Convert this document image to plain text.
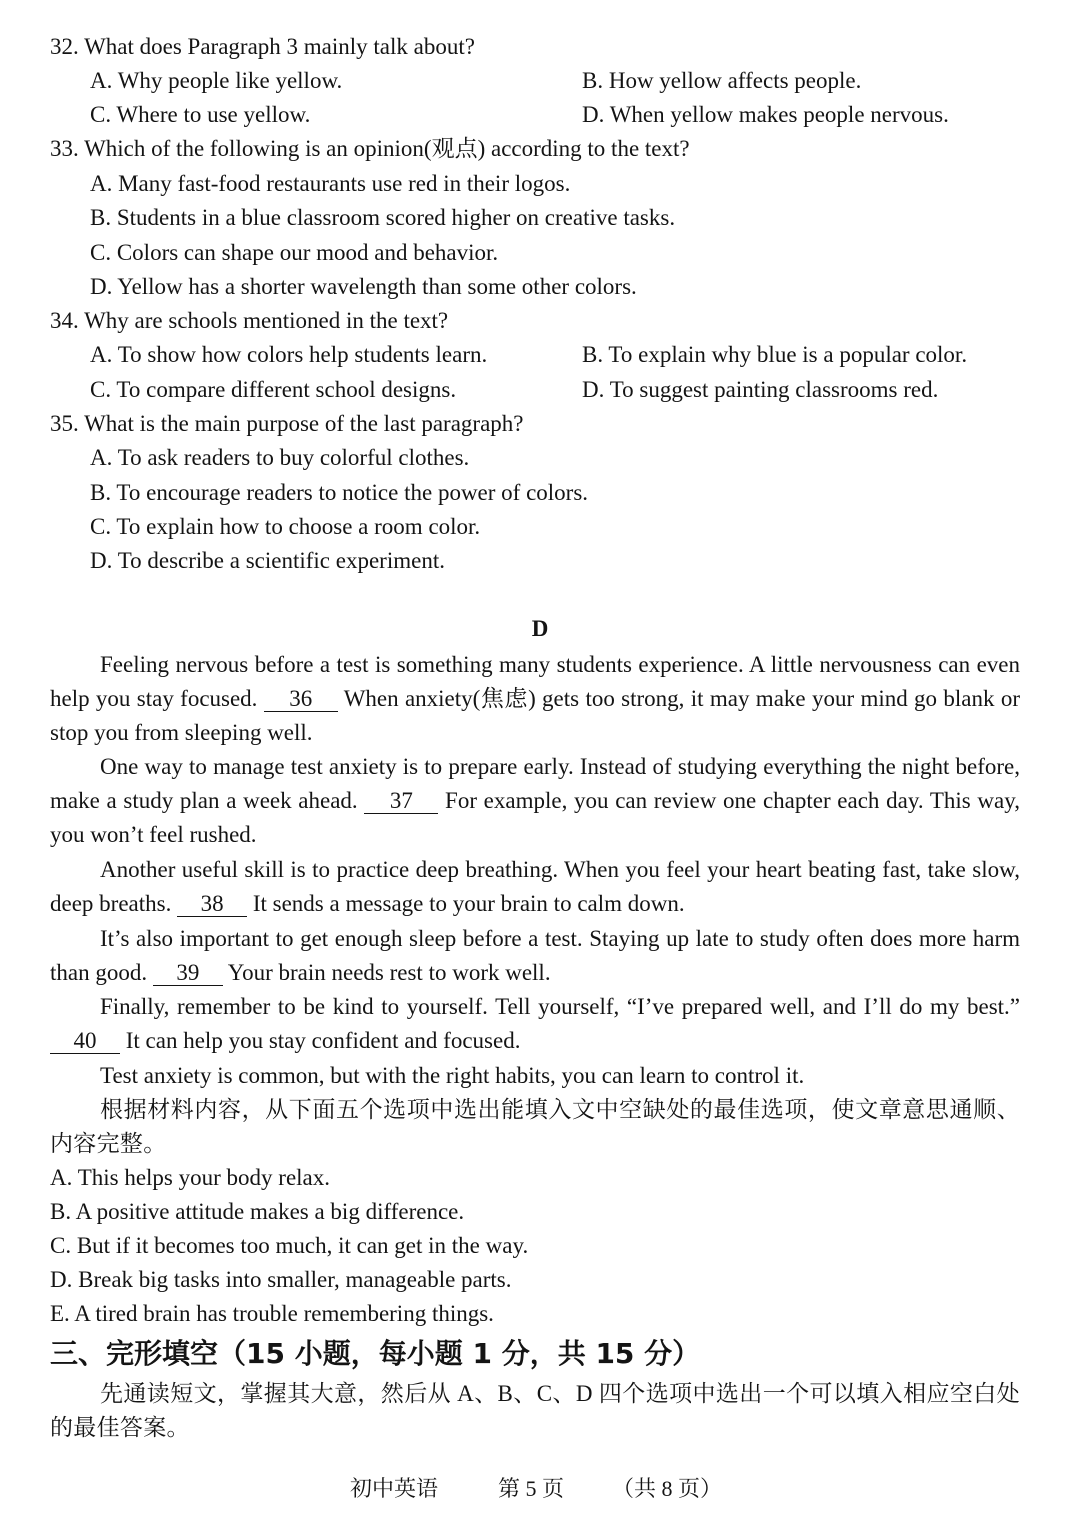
32. What does Paragraph 3 mainly talk about?
A. Why people like yellow.	B. How yellow affects people.
C. Where to use yellow.	D. When yellow makes people nervous.
33. Which of the following is an opinion(观点) according to the text?
A. Many fast-food restaurants use red in their logos.
B. Students in a blue classroom scored higher on creative tasks.
C. Colors can shape our mood and behavior.
D. Yellow has a shorter wavelength than some other colors.
34. Why are schools mentioned in the text?
A. To show how colors help students learn.	B. To explain why blue is a popular color.
C. To compare different school designs.	D. To suggest painting classrooms red.
35. What is the main purpose of the last paragraph?
A. To ask readers to buy colorful clothes.
B. To encourage readers to notice the power of colors.
C. To explain how to choose a room color.
D. To describe a scientific experiment.
D
Feeling nervous before a test is something many students experience. A little nervousness can even help you stay focused. 36 When anxiety(焦虑) gets too strong, it may make your mind go blank or stop you from sleeping well.
One way to manage test anxiety is to prepare early. Instead of studying everything the night before, make a study plan a week ahead. 37 For example, you can review one chapter each day. This way, you won’t feel rushed.
Another useful skill is to practice deep breathing. When you feel your heart beating fast, take slow, deep breaths. 38 It sends a message to your brain to calm down.
It’s also important to get enough sleep before a test. Staying up late to study often does more harm than good. 39 Your brain needs rest to work well.
Finally, remember to be kind to yourself. Tell yourself, “I’ve prepared well, and I’ll do my best.” 40 It can help you stay confident and focused.
Test anxiety is common, but with the right habits, you can learn to control it.
根据材料内容，从下面五个选项中选出能填入文中空缺处的最佳选项，使文章意思通顺、内容完整。
A. This helps your body relax.
B. A positive attitude makes a big difference.
C. But if it becomes too much, it can get in the way.
D. Break big tasks into smaller, manageable parts.
E. A tired brain has trouble remembering things.
三、完形填空（15 小题，每小题 1 分，共 15 分）
先通读短文，掌握其大意，然后从 A、B、C、D 四个选项中选出一个可以填入相应空白处的最佳答案。
初中英语	第 5 页 （共 8 页）
